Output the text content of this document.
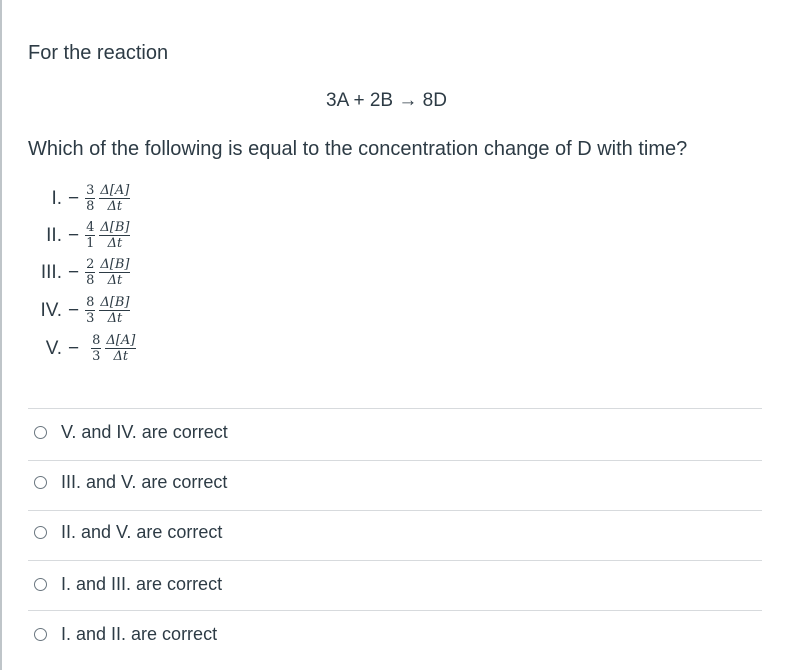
For the reaction
3A + 2B → 8D
Which of the following is equal to the concentration change of D with time?
I. − $\frac{3}{8} \frac{\Delta[A]}{\Delta t}$
II. − $\frac{4}{1} \frac{\Delta[B]}{\Delta t}$
III. − $\frac{2}{8} \frac{\Delta[B]}{\Delta t}$
IV. − $\frac{8}{3} \frac{\Delta[B]}{\Delta t}$
V. − $\frac{8}{3} \frac{\Delta[A]}{\Delta t}$
V. and IV. are correct
III. and V. are correct
II. and V. are correct
I. and III. are correct
I. and II. are correct
